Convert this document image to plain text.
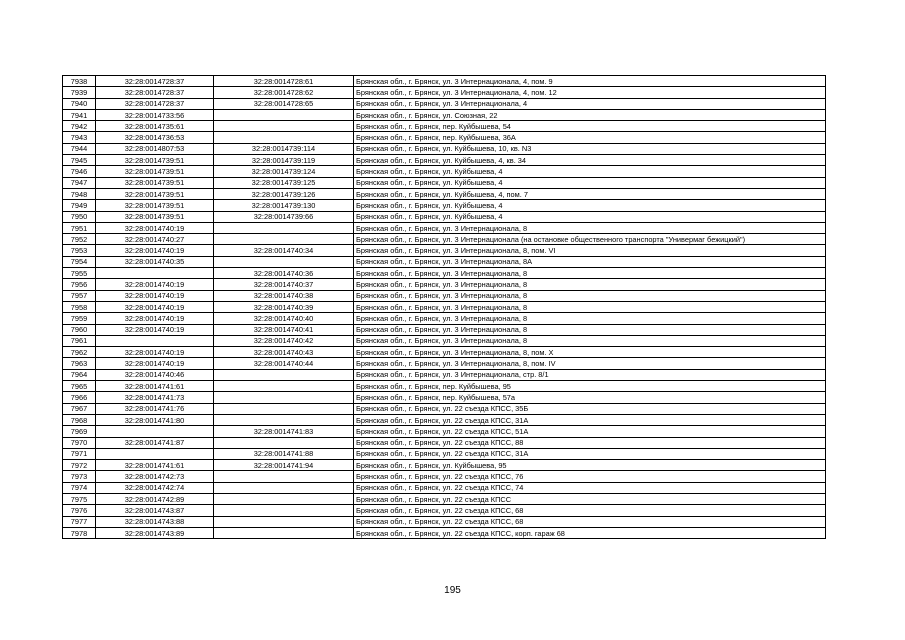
7938	32:28:0014728:37	32:28:0014728:61	Брянская обл., г. Брянск, ул. 3 Интернационала, 4, пом. 9
7939	32:28:0014728:37	32:28:0014728:62	Брянская обл., г. Брянск, ул. 3 Интернационала, 4, пом. 12
7940	32:28:0014728:37	32:28:0014728:65	Брянская обл., г. Брянск, ул. 3 Интернационала, 4
7941	32:28:0014733:56		Брянская обл., г. Брянск, ул. Союзная, 22
7942	32:28:0014735:61		Брянская обл., г. Брянск, пер. Куйбышева, 54
7943	32:28:0014736:53		Брянская обл., г. Брянск, пер. Куйбышева, 36А
7944	32:28:0014807:53	32:28:0014739:114	Брянская обл., г. Брянск, ул. Куйбышева, 10, кв. N3
7945	32:28:0014739:51	32:28:0014739:119	Брянская обл., г. Брянск, ул. Куйбышева, 4, кв. 34
7946	32:28:0014739:51	32:28:0014739:124	Брянская обл., г. Брянск, ул. Куйбышева, 4
7947	32:28:0014739:51	32:28:0014739:125	Брянская обл., г. Брянск, ул. Куйбышева, 4
7948	32:28:0014739:51	32:28:0014739:126	Брянская обл., г. Брянск, ул. Куйбышева, 4, пом. 7
7949	32:28:0014739:51	32:28:0014739:130	Брянская обл., г. Брянск, ул. Куйбышева, 4
7950	32:28:0014739:51	32:28:0014739:66	Брянская обл., г. Брянск, ул. Куйбышева, 4
7951	32:28:0014740:19		Брянская обл., г. Брянск, ул. 3 Интернационала, 8
7952	32:28:0014740:27		Брянская обл., г. Брянск, ул. 3 Интернационала (на остановке общественного транспорта "Универмаг бежицкий")
7953	32:28:0014740:19	32:28:0014740:34	Брянская обл., г. Брянск, ул. 3 Интернационала, 8, пом. VI
7954	32:28:0014740:35		Брянская обл., г. Брянск, ул. 3 Интернационала, 8А
7955		32:28:0014740:36	Брянская обл., г. Брянск, ул. 3 Интернационала, 8
7956	32:28:0014740:19	32:28:0014740:37	Брянская обл., г. Брянск, ул. 3 Интернационала, 8
7957	32:28:0014740:19	32:28:0014740:38	Брянская обл., г. Брянск, ул. 3 Интернационала, 8
7958	32:28:0014740:19	32:28:0014740:39	Брянская обл., г. Брянск, ул. 3 Интернационала, 8
7959	32:28:0014740:19	32:28:0014740:40	Брянская обл., г. Брянск, ул. 3 Интернационала, 8
7960	32:28:0014740:19	32:28:0014740:41	Брянская обл., г. Брянск, ул. 3 Интернационала, 8
7961		32:28:0014740:42	Брянская обл., г. Брянск, ул. 3 Интернационала, 8
7962	32:28:0014740:19	32:28:0014740:43	Брянская обл., г. Брянск, ул. 3 Интернационала, 8, пом. X
7963	32:28:0014740:19	32:28:0014740:44	Брянская обл., г. Брянск, ул. 3 Интернационала, 8, пом. IV
7964	32:28:0014740:46		Брянская обл., г. Брянск, ул. 3 Интернационала, стр. 8/1
7965	32:28:0014741:61		Брянская обл., г. Брянск, пер. Куйбышева, 95
7966	32:28:0014741:73		Брянская обл., г. Брянск, пер. Куйбышева, 57а
7967	32:28:0014741:76		Брянская обл., г. Брянск, ул. 22 съезда КПСС, 35Б
7968	32:28:0014741:80		Брянская обл., г. Брянск, ул. 22 съезда КПСС, 31А
7969		32:28:0014741:83	Брянская обл., г. Брянск, ул. 22 съезда КПСС, 51А
7970	32:28:0014741:87		Брянская обл., г. Брянск, ул. 22 съезда КПСС, 88
7971		32:28:0014741:88	Брянская обл., г. Брянск, ул. 22 съезда КПСС, 31А
7972	32:28:0014741:61	32:28:0014741:94	Брянская обл., г. Брянск, ул. Куйбышева, 95
7973	32:28:0014742:73		Брянская обл., г. Брянск, ул. 22 съезда КПСС, 76
7974	32:28:0014742:74		Брянская обл., г. Брянск, ул. 22 съезда КПСС, 74
7975	32:28:0014742:89		Брянская обл., г. Брянск, ул. 22 съезда КПСС
7976	32:28:0014743:87		Брянская обл., г. Брянск, ул. 22 съезда КПСС, 68
7977	32:28:0014743:88		Брянская обл., г. Брянск, ул. 22 съезда КПСС, 68
7978	32:28:0014743:89		Брянская обл., г. Брянск, ул. 22 съезда КПСС, корп. гараж 68
195
